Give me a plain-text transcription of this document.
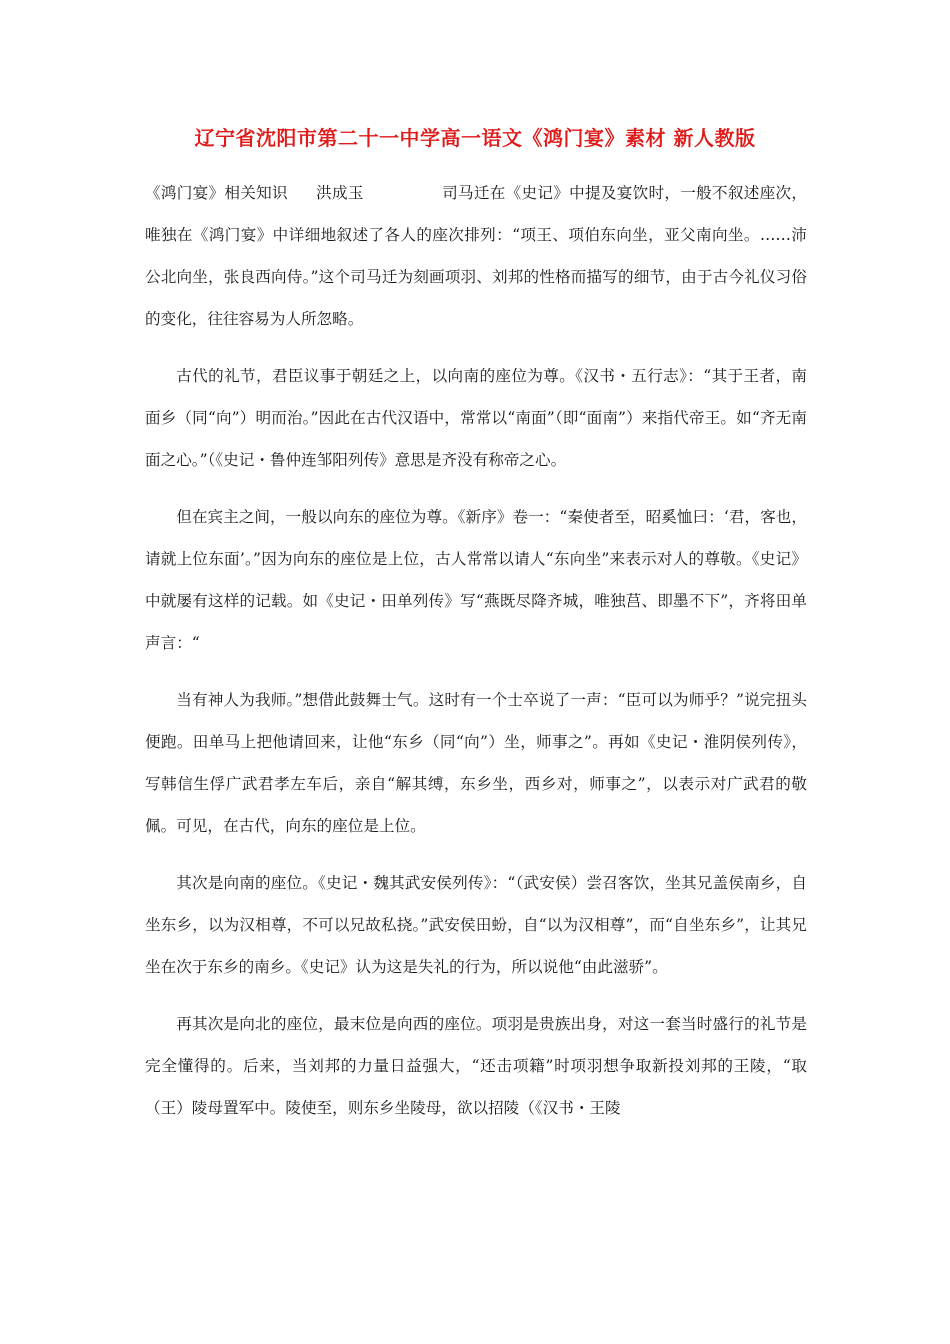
辽宁省沈阳市第二十一中学高一语文《鸿门宴》素材 新人教版

《鸿门宴》相关知识 洪成玉	司马迁在《史记》中提及宴饮时，一般不叙述座次，唯独在《鸿门宴》中详细地叙述了各人的座次排列：“项王、项伯东向坐，亚父南向坐。……沛公北向坐，张良西向侍。”这个司马迁为刻画项羽、刘邦的性格而描写的细节，由于古今礼仪习俗的变化，往往容易为人所忽略。

古代的礼节，君臣议事于朝廷之上，以向南的座位为尊。《汉书・五行志》：“其于王者，南面乡（同“向”）明而治。”因此在古代汉语中，常常以“南面”（即“面南”）来指代帝王。如“齐无南面之心。”（《史记・鲁仲连邹阳列传》意思是齐没有称帝之心。

但在宾主之间，一般以向东的座位为尊。《新序》卷一：“秦使者至，昭奚恤曰：‘君，客也，请就上位东面’。”因为向东的座位是上位，古人常常以请人“东向坐”来表示对人的尊敬。《史记》中就屡有这样的记载。如《史记・田单列传》写“燕既尽降齐城，唯独莒、即墨不下”，齐将田单声言：“

当有神人为我师。”想借此鼓舞士气。这时有一个士卒说了一声：“臣可以为师乎？”说完扭头便跑。田单马上把他请回来，让他“东乡（同“向”）坐，师事之”。再如《史记・淮阴侯列传》，写韩信生俘广武君孝左车后，亲自“解其缚，东乡坐，西乡对，师事之”，以表示对广武君的敬佩。可见，在古代，向东的座位是上位。

其次是向南的座位。《史记・魏其武安侯列传》：“（武安侯）尝召客饮，坐其兄盖侯南乡，自坐东乡，以为汉相尊，不可以兄故私挠。”武安侯田蚡，自“以为汉相尊”，而“自坐东乡”，让其兄坐在次于东乡的南乡。《史记》认为这是失礼的行为，所以说他“由此滋骄”。

再其次是向北的座位，最末位是向西的座位。项羽是贵族出身，对这一套当时盛行的礼节是完全懂得的。后来，当刘邦的力量日益强大，“还击项籍”时项羽想争取新投刘邦的王陵，“取（王）陵母置军中。陵使至，则东乡坐陵母，欲以招陵（《汉书・王陵
